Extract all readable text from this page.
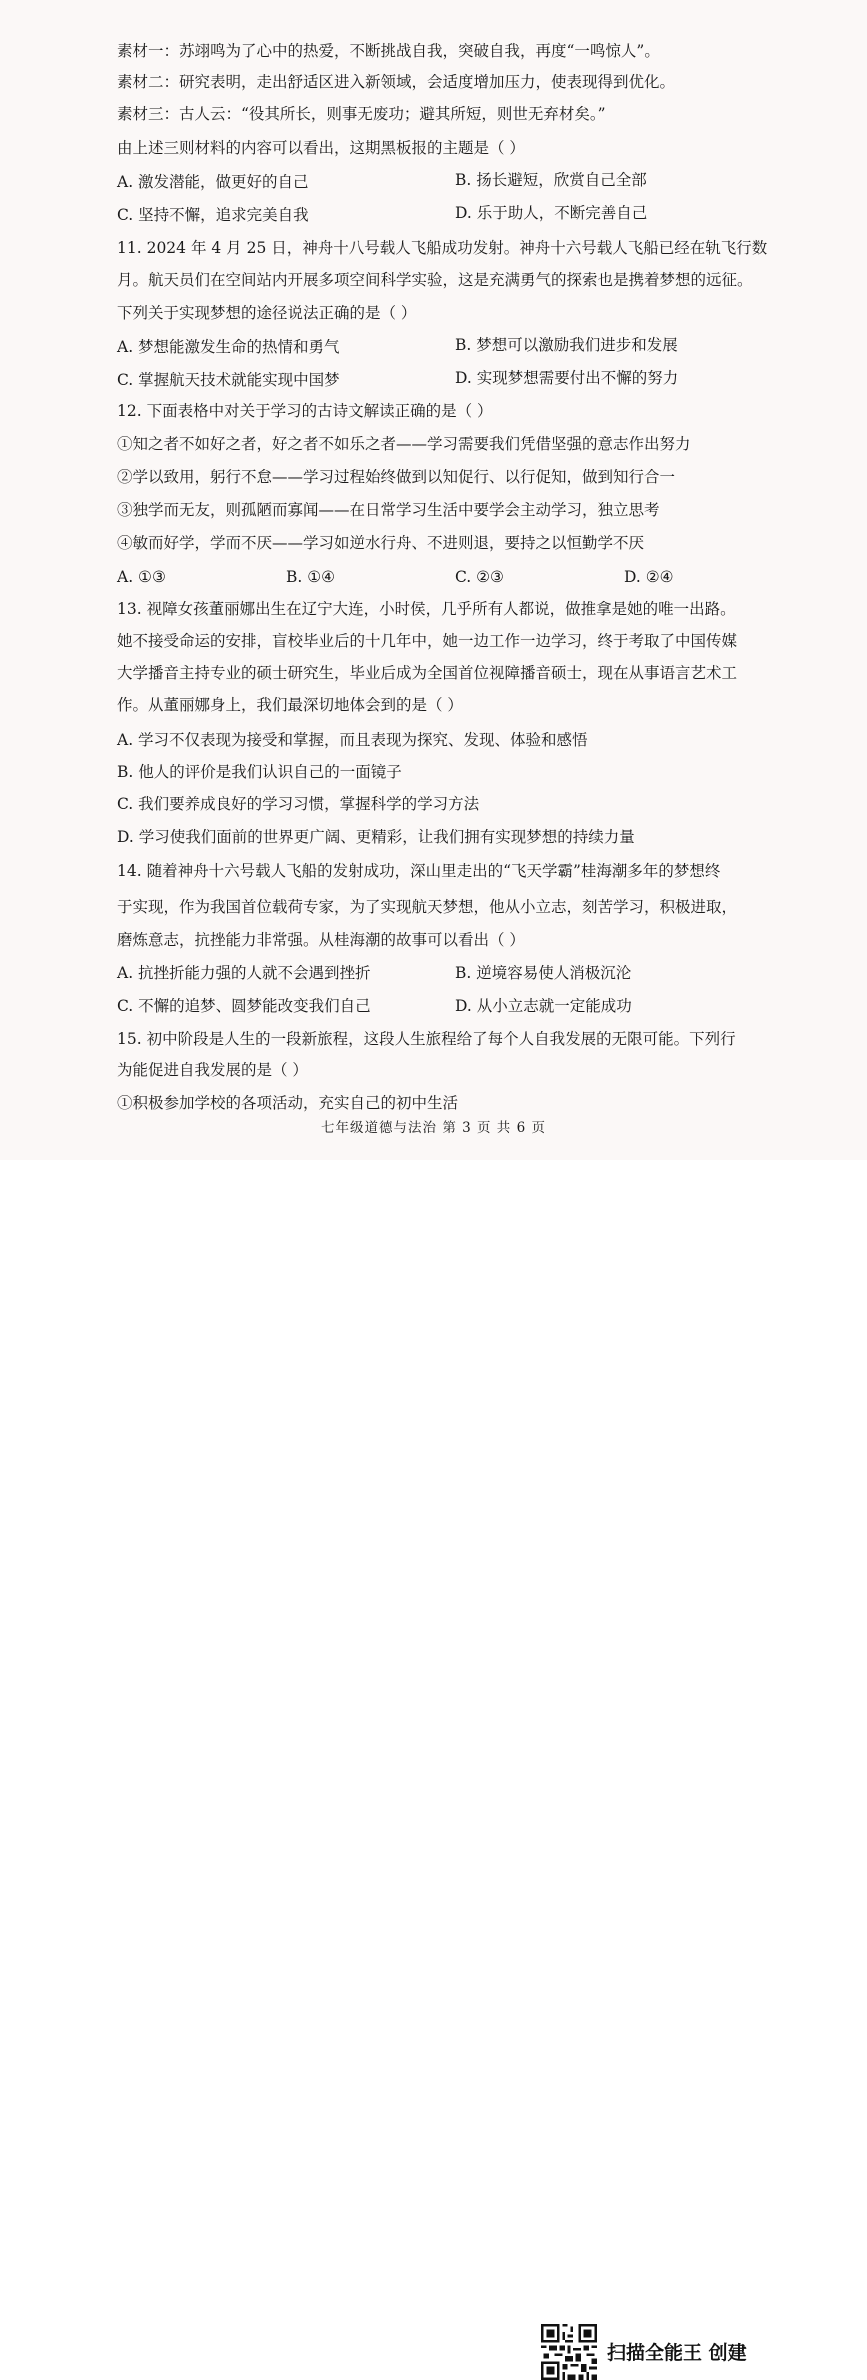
素材一：苏翊鸣为了心中的热爱，不断挑战自我，突破自我，再度“一鸣惊人”。
素材二：研究表明，走出舒适区进入新领域，会适度增加压力，使表现得到优化。
素材三：古人云：“役其所长，则事无废功；避其所短，则世无弃材矣。”
由上述三则材料的内容可以看出，这期黑板报的主题是（ ）
A. 激发潜能，做更好的自己	B. 扬长避短，欣赏自己全部
C. 坚持不懈，追求完美自我	D. 乐于助人，不断完善自己
11. 2024 年 4 月 25 日，神舟十八号载人飞船成功发射。神舟十六号载人飞船已经在轨飞行数
月。航天员们在空间站内开展多项空间科学实验，这是充满勇气的探索也是携着梦想的远征。
下列关于实现梦想的途径说法正确的是（ ）
A. 梦想能激发生命的热情和勇气	B. 梦想可以激励我们进步和发展
C. 掌握航天技术就能实现中国梦	D. 实现梦想需要付出不懈的努力
12. 下面表格中对关于学习的古诗文解读正确的是（ ）
①知之者不如好之者，好之者不如乐之者——学习需要我们凭借坚强的意志作出努力
②学以致用，躬行不怠——学习过程始终做到以知促行、以行促知，做到知行合一
③独学而无友，则孤陋而寡闻——在日常学习生活中要学会主动学习，独立思考
④敏而好学，学而不厌——学习如逆水行舟、不进则退，要持之以恒勤学不厌
A. ①③	B. ①④	C. ②③	D. ②④
13. 视障女孩董丽娜出生在辽宁大连，小时侯，几乎所有人都说，做推拿是她的唯一出路。
她不接受命运的安排，盲校毕业后的十几年中，她一边工作一边学习，终于考取了中国传媒
大学播音主持专业的硕士研究生，毕业后成为全国首位视障播音硕士，现在从事语言艺术工
作。从董丽娜身上，我们最深切地体会到的是（ ）
A. 学习不仅表现为接受和掌握，而且表现为探究、发现、体验和感悟
B. 他人的评价是我们认识自己的一面镜子
C. 我们要养成良好的学习习惯，掌握科学的学习方法
D. 学习使我们面前的世界更广阔、更精彩，让我们拥有实现梦想的持续力量
14. 随着神舟十六号载人飞船的发射成功，深山里走出的“飞天学霸”桂海潮多年的梦想终
于实现，作为我国首位载荷专家，为了实现航天梦想，他从小立志，刻苦学习，积极进取，
磨炼意志，抗挫能力非常强。从桂海潮的故事可以看出（ ）
A. 抗挫折能力强的人就不会遇到挫折	B. 逆境容易使人消极沉沦
C. 不懈的追梦、圆梦能改变我们自己	D. 从小立志就一定能成功
15. 初中阶段是人生的一段新旅程，这段人生旅程给了每个人自我发展的无限可能。下列行
为能促进自我发展的是（ ）
①积极参加学校的各项活动，充实自己的初中生活
七年级道德与法治 第 3 页 共 6 页
扫描全能王 创建
